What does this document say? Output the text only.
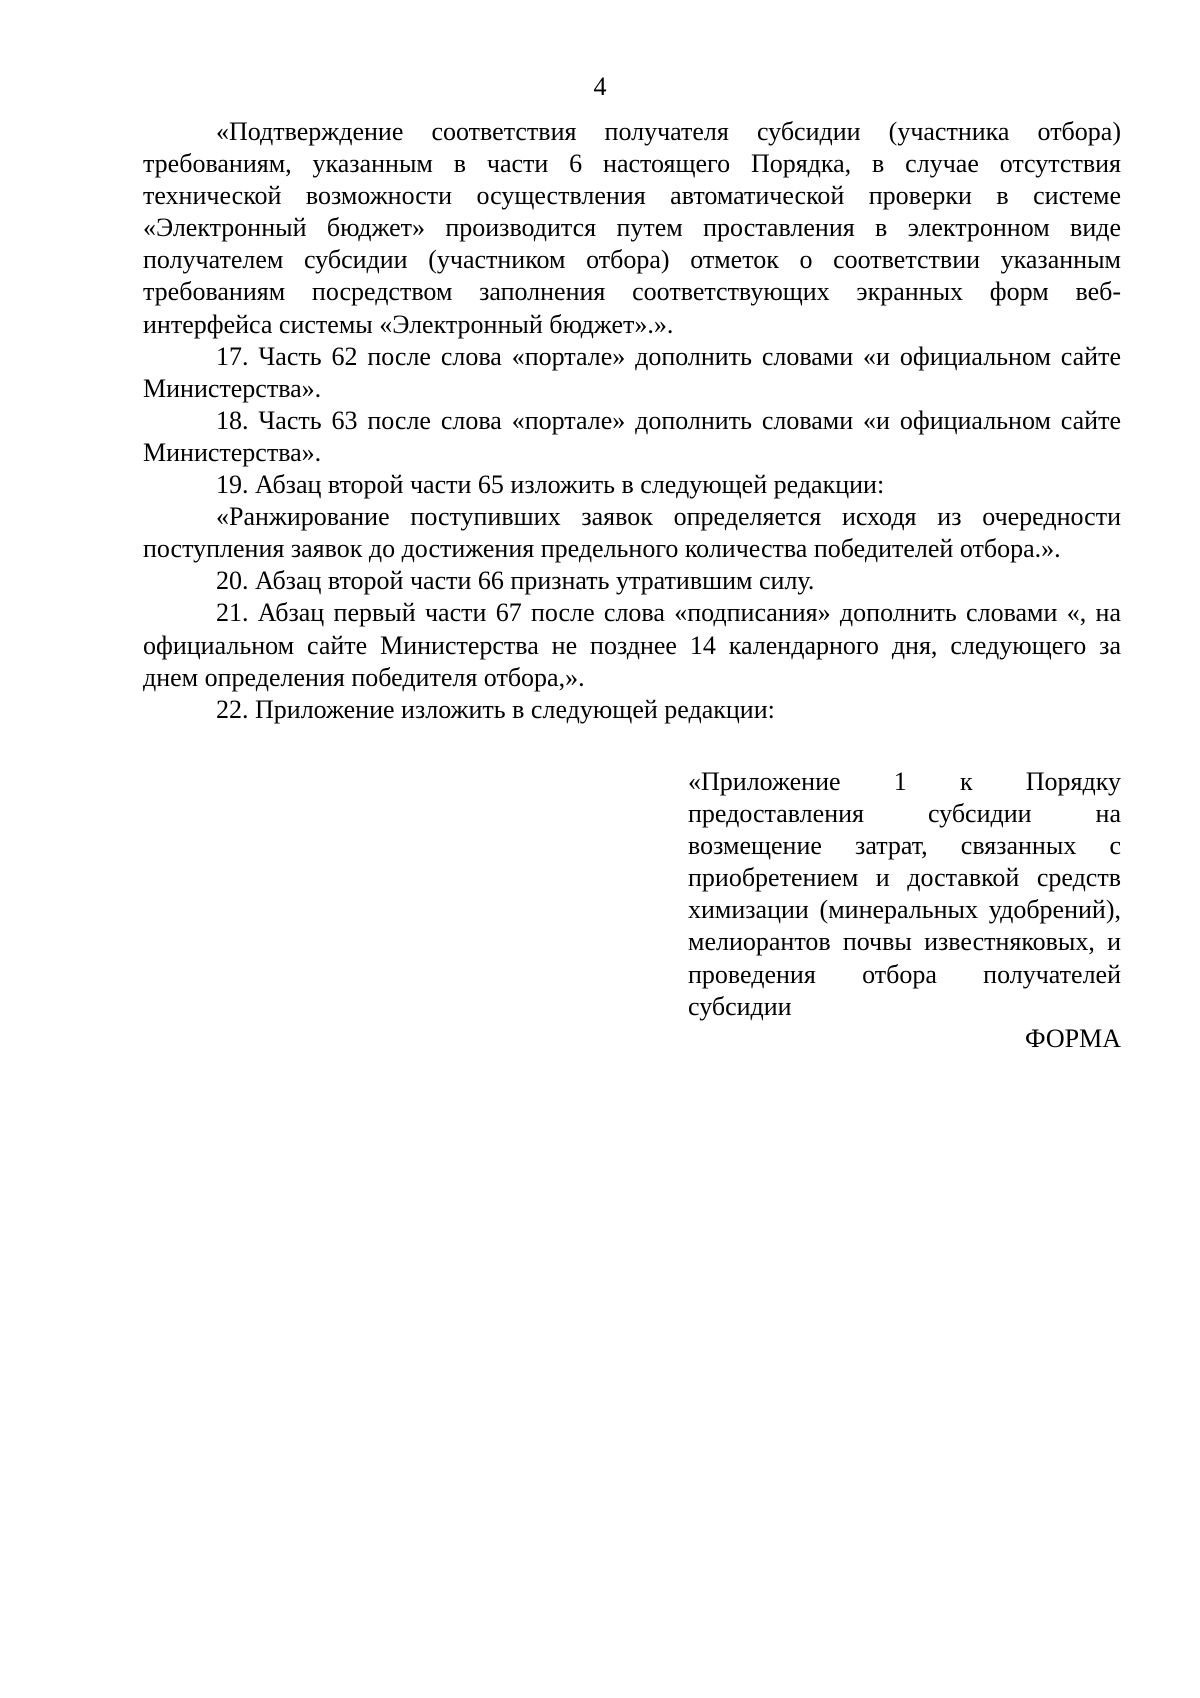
4

«Подтверждение соответствия получателя субсидии (участника отбора) требованиям, указанным в части 6 настоящего Порядка, в случае отсутствия технической возможности осуществления автоматической проверки в системе «Электронный бюджет» производится путем проставления в электронном виде получателем субсидии (участником отбора) отметок о соответствии указанным требованиям посредством заполнения соответствующих экранных форм веб-интерфейса системы «Электронный бюджет».».

17. Часть 62 после слова «портале» дополнить словами «и официальном сайте Министерства».

18. Часть 63 после слова «портале» дополнить словами «и официальном сайте Министерства».

19. Абзац второй части 65 изложить в следующей редакции:

«Ранжирование поступивших заявок определяется исходя из очередности поступления заявок до достижения предельного количества победителей отбора.».

20. Абзац второй части 66 признать утратившим силу.

21. Абзац первый части 67 после слова «подписания» дополнить словами «, на официальном сайте Министерства не позднее 14 календарного дня, следующего за днем определения победителя отбора,».

22. Приложение изложить в следующей редакции:

«Приложение 1 к Порядку предоставления субсидии на возмещение затрат, связанных с приобретением и доставкой средств химизации (минеральных удобрений), мелиорантов почвы известняковых, и проведения отбора получателей субсидии

ФОРМА
